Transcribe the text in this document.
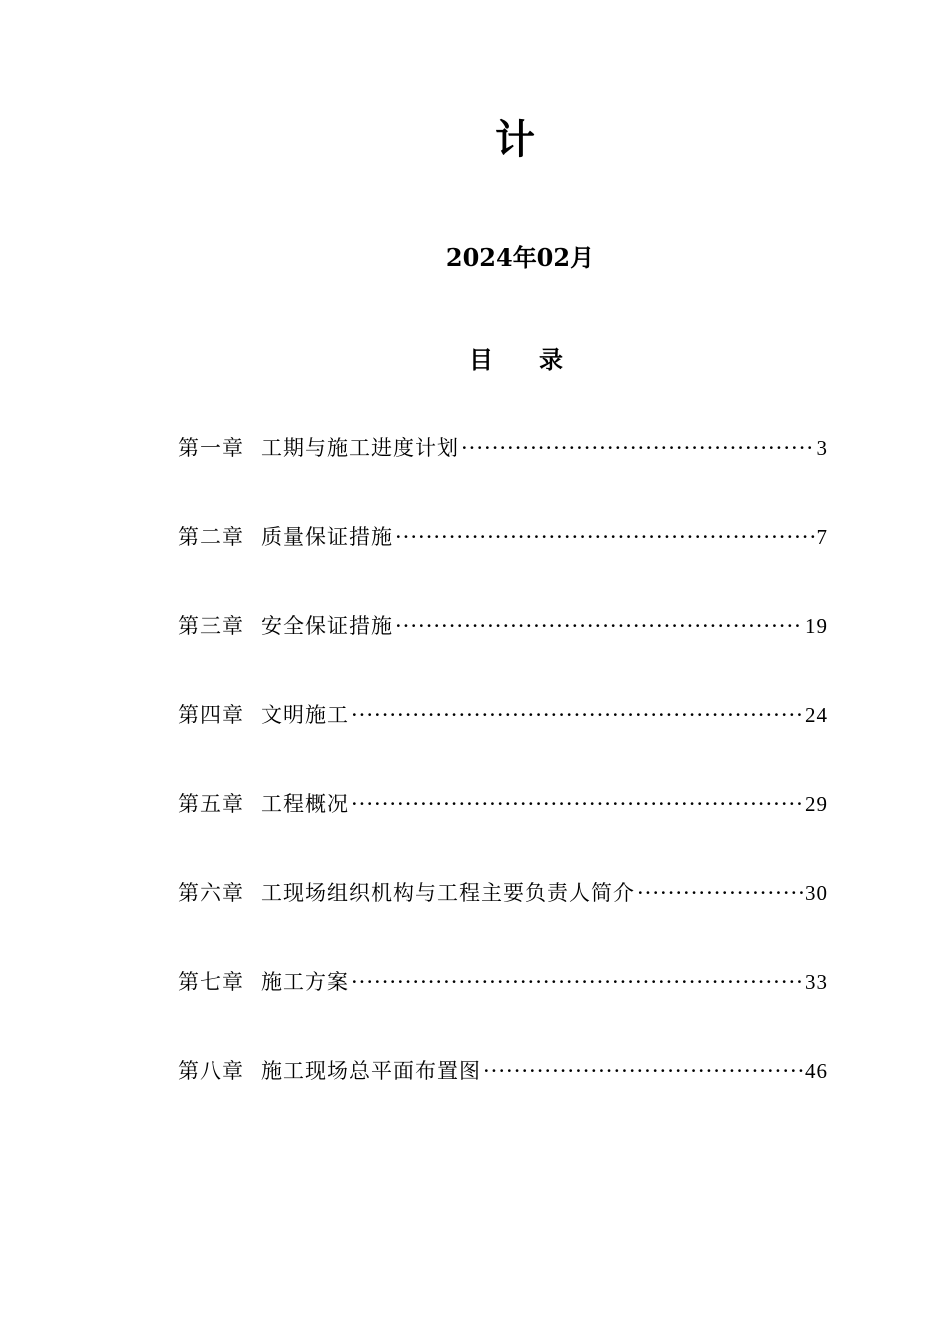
计
2024年02月
目 录
第一章 工期与施工进度计划 ·····	3
第二章 质量保证措施 ·····	7
第三章 安全保证措施 ·····	19
第四章 文明施工 ·····	24
第五章 工程概况 ·····	29
第六章 工现场组织机构与工程主要负责人简介 ·····	30
第七章 施工方案 ·····	33
第八章 施工现场总平面布置图 ·····	46
